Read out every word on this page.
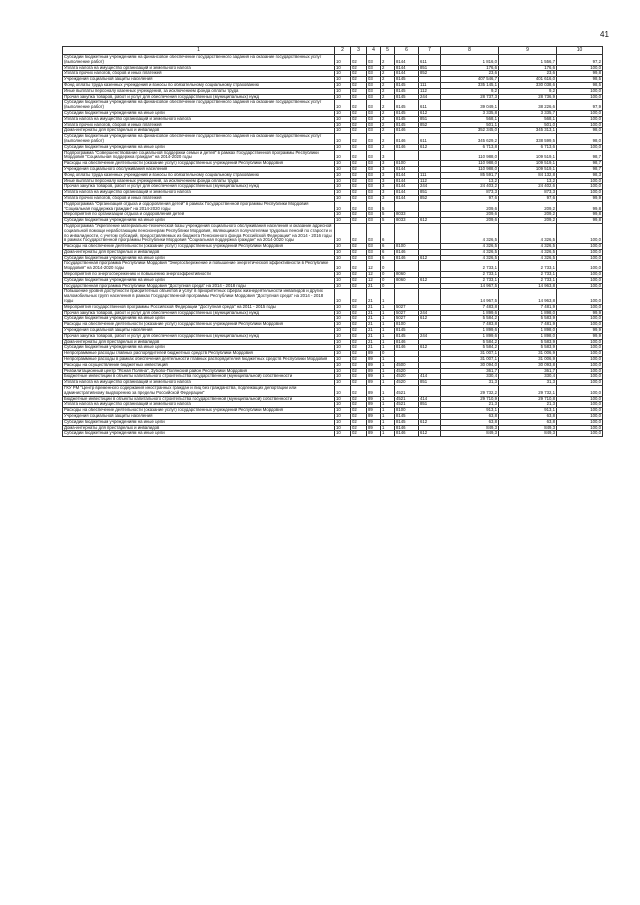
41
1	2	3	4	5	6	7	8	9	10
Субсидии бюджетным учреждениям на финансовое обеспечение государственного задания на оказание государственных услуг (выполнение работ)	10	02	03	2	8144	611	1 816,0	1 556,7	97,2
Уплата налога на имущество организаций и земельного налога	10	02	03	2	8144	851	176,6	176,6	100,0
Уплата прочих налогов, сборов и иных платежей	10	02	03	2	8144	852	23,6	23,6	99,8
Учреждения социальной защиты населения	10	02	03	2	8145		407 546,7	401 616,0	98,5
Фонд оплаты труда казенных учреждений и взносы по обязательному социальному страхованию	10	02	03	2	8145	111	335 145,1	330 038,6	98,5
Иные выплаты персоналу казенных учреждений, за исключением фонда оплаты труда	10	02	03	2	8145	112	9,2	9,2	100,0
Прочая закупка товаров, работ и услуг для обеспечения государственных (муниципальных) нужд	10	02	03	2	8145	244	28 737,3	28 736,9	100,0
Субсидии бюджетным учреждениям на финансовое обеспечение государственного задания на оказание государственных услуг (выполнение работ)	10	02	03	2	8145	611	39 049,1	38 226,6	97,9
Субсидии бюджетным учреждениям на иные цели	10	02	03	2	8145	612	3 335,8	3 335,7	100,0
Уплата налога на имущество организаций и земельного налога	10	02	03	2	8145	851	568,1	568,1	100,0
Уплата прочих налогов, сборов и иных платежей	10	02	03	2	8145	852	501,1	501,0	100,0
Дома-интернаты для престарелых и инвалидов	10	02	03	2	8146		352 345,0	345 313,1	98,0
Субсидии бюджетным учреждениям на финансовое обеспечение государственного задания на оказание государственных услуг (выполнение работ)	10	02	03	2	8146	611	345 629,2	338 599,5	98,0
Субсидии бюджетным учреждениям на иные цели	10	02	03	2	8146	612	6 713,8	6 713,6	100,0
Подпрограмма "Совершенствование социальной поддержки семьи и детей" в рамках Государственной программы Республики Мордовия "Социальная поддержка граждан" на 2014-2020 годы	10	02	03	3			110 988,0	109 519,1	98,7
Расходы на обеспечение деятельности (оказание услуг) государственных учреждений Республики Мордовия	10	02	03	3	8100		110 988,0	109 519,1	98,7
Учреждения социального обслуживания населения	10	02	03	3	8144		110 988,0	109 519,1	98,7
Фонд оплаты труда казенных учреждений и взносы по обязательному социальному страхованию	10	02	03	3	8144	111	85 591,7	84 132,8	98,3
Иные выплаты персоналу казенных учреждений, за исключением фонда оплаты труда	10	02	03	3	8144	112	13,2	13,2	100,0
Прочая закупка товаров, работ и услуг для обеспечения государственных (муниципальных) нужд	10	02	03	3	8144	244	24 403,2	24 402,6	100,0
Уплата налога на имущество организаций и земельного налога	10	02	03	3	8144	851	873,3	873,3	100,0
Уплата прочих налогов, сборов и иных платежей	10	02	03	3	8144	852	97,6	97,6	99,9
Подпрограмма "Организация отдыха и оздоровления детей" в рамках Государственной программы Республики Мордовия "Социальная поддержка граждан" на 2014-2020 годы	10	02	03	5			209,6	209,2	99,8
Мероприятия по организации отдыха и оздоровления детей	10	02	03	5	8033		209,6	209,2	99,8
Субсидии бюджетным учреждениям на иные цели	10	02	03	5	8033	612	209,6	209,2	99,8
Подпрограмма "Укрепление материально-технической базы учреждений социального обслуживания населения и оказание адресной социальной помощи неработающим пенсионерам Республики Мордовия, являющимся получателями трудовых пенсий по старости и по инвалидности, с учетом субсидий, предоставляемых из бюджета Пенсионного фонда Российской Федерации" на 2014 - 2016 годы в рамках Государственной программы Республики Мордовия "Социальная поддержка граждан" на 2014-2020 годы	10	02	03	6			4 326,5	4 326,5	100,0
Расходы на обеспечение деятельности (оказание услуг) государственных учреждений Республики Мордовия	10	02	03	6	8100		4 326,5	4 326,5	100,0
Дома-интернаты для престарелых и инвалидов	10	02	03	6	8146		4 326,5	4 326,5	100,0
Субсидии бюджетным учреждениям на иные цели	10	02	03	6	8146	612	4 326,5	4 326,5	100,0
Государственная программа Республики Мордовия "Энергосбережение и повышение энергетической эффективности в Республике Мордовия" на 2014-2020 годы	10	02	12	0			2 733,1	2 733,1	100,0
Мероприятия по энергосбережению и повышению энергоэффективности	10	02	12	0	8060		2 733,1	2 733,1	100,0
Субсидии бюджетным учреждениям на иные цели	10	02	12	0	8060	612	2 733,1	2 733,1	100,0
Государственная программа Республики Мордовия "Доступная среда" на 2014 - 2018 годы	10	02	21	0			14 967,5	14 963,8	100,0
Повышение уровня доступности приоритетных объектов и услуг в приоритетных сферах жизнедеятельности инвалидов и других маломобильных групп населения в рамках Государственной программы Республики Мордовия "Доступная среда" на 2014 - 2018 годы	10	02	21	1			14 967,5	14 963,8	100,0
Мероприятия государственной программы Российской Федерации "Доступная среда" на 2011 - 2015 годы	10	02	21	1	5027		7 483,8	7 481,9	100,0
Прочая закупка товаров, работ и услуг для обеспечения государственных (муниципальных) нужд	10	02	21	1	5027	244	1 899,6	1 898,0	99,9
Субсидии бюджетным учреждениям на иные цели	10	02	21	1	5027	612	5 584,2	5 583,9	100,0
Расходы на обеспечение деятельности (оказание услуг) государственных учреждений Республики Мордовия	10	02	21	1	8100		7 483,8	7 481,9	100,0
Учреждения социальной защиты населения	10	02	21	1	8145		1 899,6	1 898,0	99,9
Прочая закупка товаров, работ и услуг для обеспечения государственных (муниципальных) нужд	10	02	21	1	8145	244	1 899,6	1 898,0	99,9
Дома-интернаты для престарелых и инвалидов	10	02	21	1	8146		5 584,2	5 583,9	100,0
Субсидии бюджетным учреждениям на иные цели	10	02	21	1	8146	612	5 584,2	5 583,9	100,0
Непрограммные расходы главных распорядителей бюджетных средств Республики Мордовия	10	02	89	0			31 007,1	31 006,9	100,0
Непрограммные расходы в рамках обеспечения деятельности главных распорядителей бюджетных средств Республики Мордовия	10	02	89	1			31 007,1	31 006,9	100,0
Расходы на осуществление бюджетных инвестиций	10	02	89	1	4500		30 094,0	30 093,8	100,0
Реабилитационный центр "Ясная Поляна", Зубово-Полянский район Республики Мордовия	10	02	89	1	4520		361,7	361,7	100,0
Бюджетные инвестиции в объекты капитального строительства государственной (муниципальной) собственности	10	02	89	1	4520	414	330,4	330,4	100,0
Уплата налога на имущество организаций и земельного налога	10	02	89	1	4520	851	31,3	31,3	100,0
ГКУ РМ "Центр временного содержания иностранных граждан и лиц без гражданства, подлежащих депортации или административному выдворению за пределы Российской Федерации"	10	02	89	1	4521		29 732,2	29 732,1	100,0
Бюджетные инвестиции в объекты капитального строительства государственной (муниципальной) собственности	10	02	89	1	4521	414	29 710,9	29 710,8	100,0
Уплата налога на имущество организаций и земельного налога	10	02	89	1	4521	851	21,3	21,3	100,0
Расходы на обеспечение деятельности (оказание услуг) государственных учреждений Республики Мордовия	10	02	89	1	8100		913,1	913,1	100,0
Учреждения социальной защиты населения	10	02	89	1	8145		63,8	63,8	100,0
Субсидии бюджетным учреждениям на иные цели	10	02	89	1	8145	612	63,8	63,8	100,0
Дома-интернаты для престарелых и инвалидов	10	02	89	1	8146		849,3	849,3	100,0
Субсидии бюджетным учреждениям на иные цели	10	02	89	1	8146	612	849,3	849,3	100,0
